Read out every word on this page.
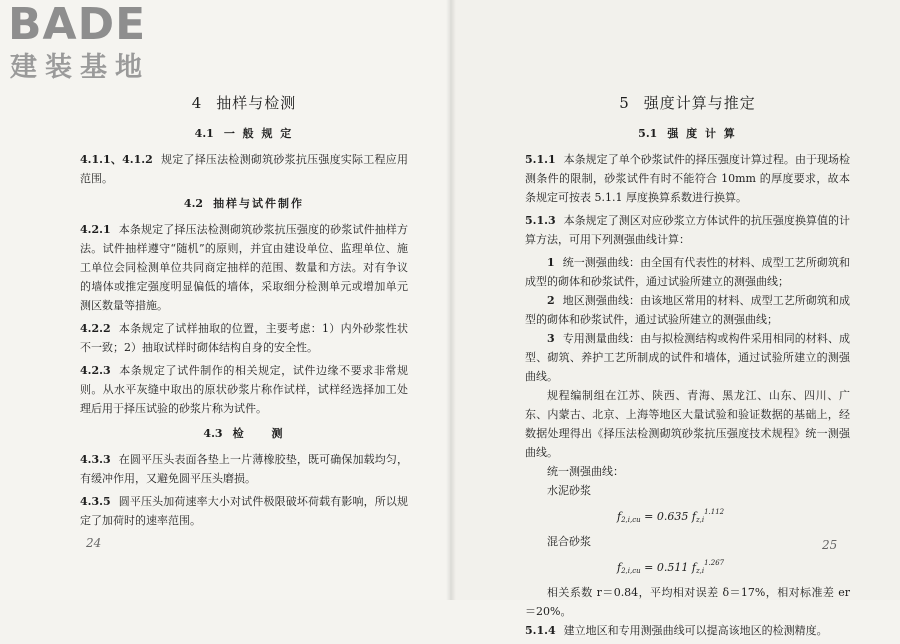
BADE
建装基地
4 抽样与检测
4.1 一 般 规 定

4.1.1、4.1.2 规定了择压法检测砌筑砂浆抗压强度实际工程应用范围。

4.2 抽样与试件制作

4.2.1 本条规定了择压法检测砌筑砂浆抗压强度的砂浆试件抽样方法。试件抽样遵守“随机”的原则，并宜由建设单位、监理单位、施工单位会同检测单位共同商定抽样的范围、数量和方法。对有争议的墙体或推定强度明显偏低的墙体，采取细分检测单元或增加单元测区数量等措施。

4.2.2 本条规定了试样抽取的位置，主要考虑：1）内外砂浆性状不一致；2）抽取试样时砌体结构自身的安全性。

4.2.3 本条规定了试件制作的相关规定，试件边缘不要求非常规则。从水平灰缝中取出的原状砂浆片称作试样，试样经选择加工处理后用于择压试验的砂浆片称为试件。

4.3 检　　测

4.3.3 在圆平压头表面各垫上一片薄橡胶垫，既可确保加载均匀，有缓冲作用，又避免圆平压头磨损。

4.3.5 圆平压头加荷速率大小对试件极限破坏荷载有影响，所以规定了加荷时的速率范围。

24
5 强度计算与推定
5.1 强 度 计 算

5.1.1 本条规定了单个砂浆试件的择压强度计算过程。由于现场检测条件的限制，砂浆试件有时不能符合 10mm 的厚度要求，故本条规定可按表 5.1.1 厚度换算系数进行换算。

5.1.3 本条规定了测区对应砂浆立方体试件的抗压强度换算值的计算方法，可用下列测强曲线计算：

1 统一测强曲线：由全国有代表性的材料、成型工艺所砌筑和成型的砌体和砂浆试件，通过试验所建立的测强曲线；

2 地区测强曲线：由该地区常用的材料、成型工艺所砌筑和成型的砌体和砂浆试件，通过试验所建立的测强曲线；

3 专用测量曲线：由与拟检测结构或构件采用相同的材料、成型、砌筑、养护工艺所制成的试件和墙体，通过试验所建立的测强曲线。

规程编制组在江苏、陕西、青海、黑龙江、山东、四川、广东、内蒙古、北京、上海等地区大量试验和验证数据的基础上，经数据处理得出《择压法检测砌筑砂浆抗压强度技术规程》统一测强曲线。

统一测强曲线：

水泥砂浆

$f_{2,i,cu} = 0.635$ $f_{z,i}^{1.112}$

混合砂浆

$f_{2,i,cu} = 0.511$ $f_{z,i}^{1.267}$

相关系数 r＝0.84，平均相对误差 δ＝17%，相对标准差 er＝20%。

5.1.4 建立地区和专用测强曲线可以提高该地区的检测精度。

25
